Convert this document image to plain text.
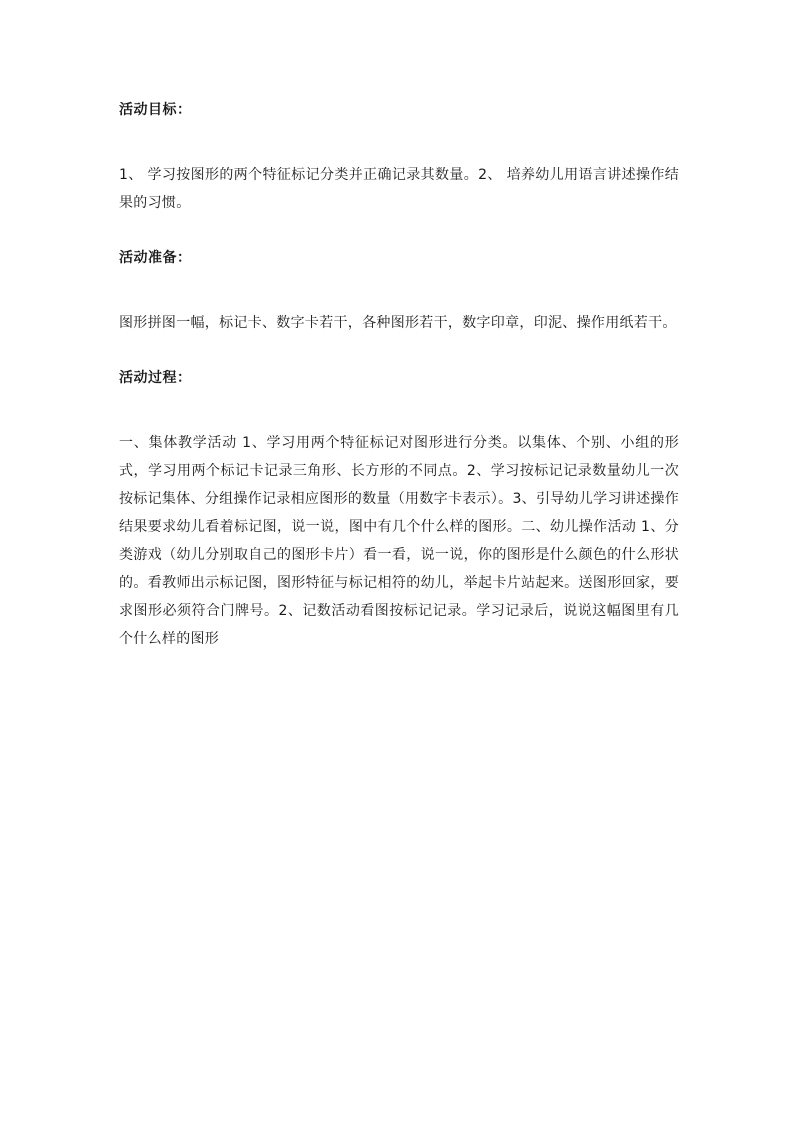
活动目标：

1、 学习按图形的两个特征标记分类并正确记录其数量。2、 培养幼儿用语言讲述操作结果的习惯。

活动准备：

图形拼图一幅，标记卡、数字卡若干，各种图形若干，数字印章，印泥、操作用纸若干。

活动过程：

一、集体教学活动 1、学习用两个特征标记对图形进行分类。以集体、个别、小组的形式，学习用两个标记卡记录三角形、长方形的不同点。2、学习按标记记录数量幼儿一次按标记集体、分组操作记录相应图形的数量（用数字卡表示）。3、引导幼儿学习讲述操作结果要求幼儿看着标记图，说一说，图中有几个什么样的图形。二、幼儿操作活动 1、分类游戏（幼儿分别取自己的图形卡片）看一看，说一说，你的图形是什么颜色的什么形状的。看教师出示标记图，图形特征与标记相符的幼儿，举起卡片站起来。送图形回家，要求图形必须符合门牌号。2、记数活动看图按标记记录。学习记录后，说说这幅图里有几个什么样的图形
